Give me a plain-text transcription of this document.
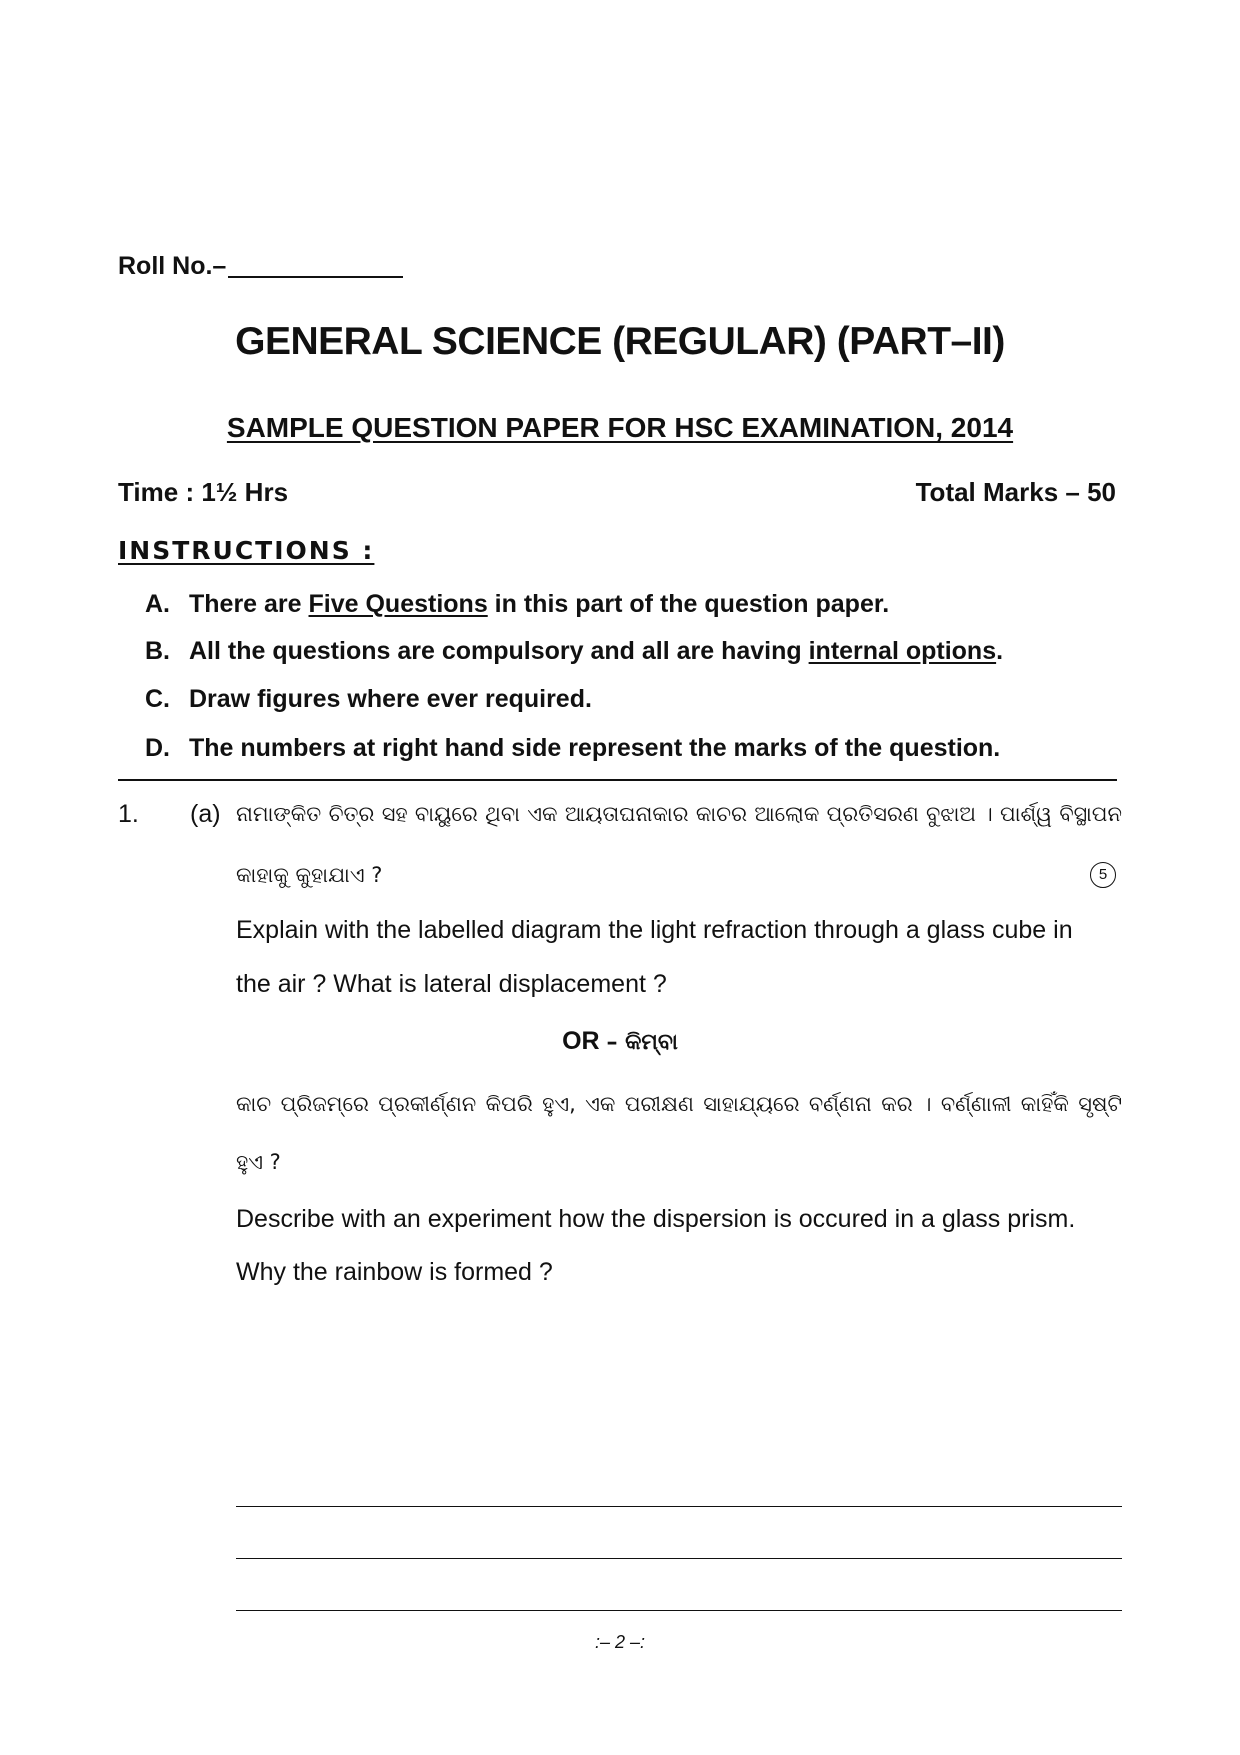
Roll No.–
GENERAL SCIENCE (REGULAR) (PART–II)
SAMPLE QUESTION PAPER FOR HSC EXAMINATION, 2014
Time : 1½ Hrs	Total Marks – 50
INSTRUCTIONS :
A. There are Five Questions in this part of the question paper.
B. All the questions are compulsory and all are having internal options.
C. Draw figures where ever required.
D. The numbers at right hand side represent the marks of the question.
1. (a) ନାମାଙ୍କିତ ଚିତ୍ର ସହ ବାୟୁରେ ଥିବା ଏକ ଆୟତାଘନାକାର କାଚର ଆଲୋକ ପ୍ରତିସରଣ ବୁଝାଅ । ପାର୍ଶ୍ୱ ବିସ୍ଥାପନ
କାହାକୁ କୁହାଯାଏ ?	5
Explain with the labelled diagram the light refraction through a glass cube in
the air ? What is lateral displacement ?
OR – କିମ୍ବା
କାଚ ପ୍ରିଜମ୍‌ରେ ପ୍ରକୀର୍ଣ୍ଣନ କିପରି ହୁଏ, ଏକ ପରୀକ୍ଷଣ ସାହାଯ୍ୟରେ ବର୍ଣ୍ଣନା କର । ବର୍ଣ୍ଣାଳୀ କାହିଁକି ସୃଷ୍ଟି
ହୁଏ ?
Describe with an experiment how the dispersion is occured in a glass prism.
Why the rainbow is formed ?
:– 2 –:
